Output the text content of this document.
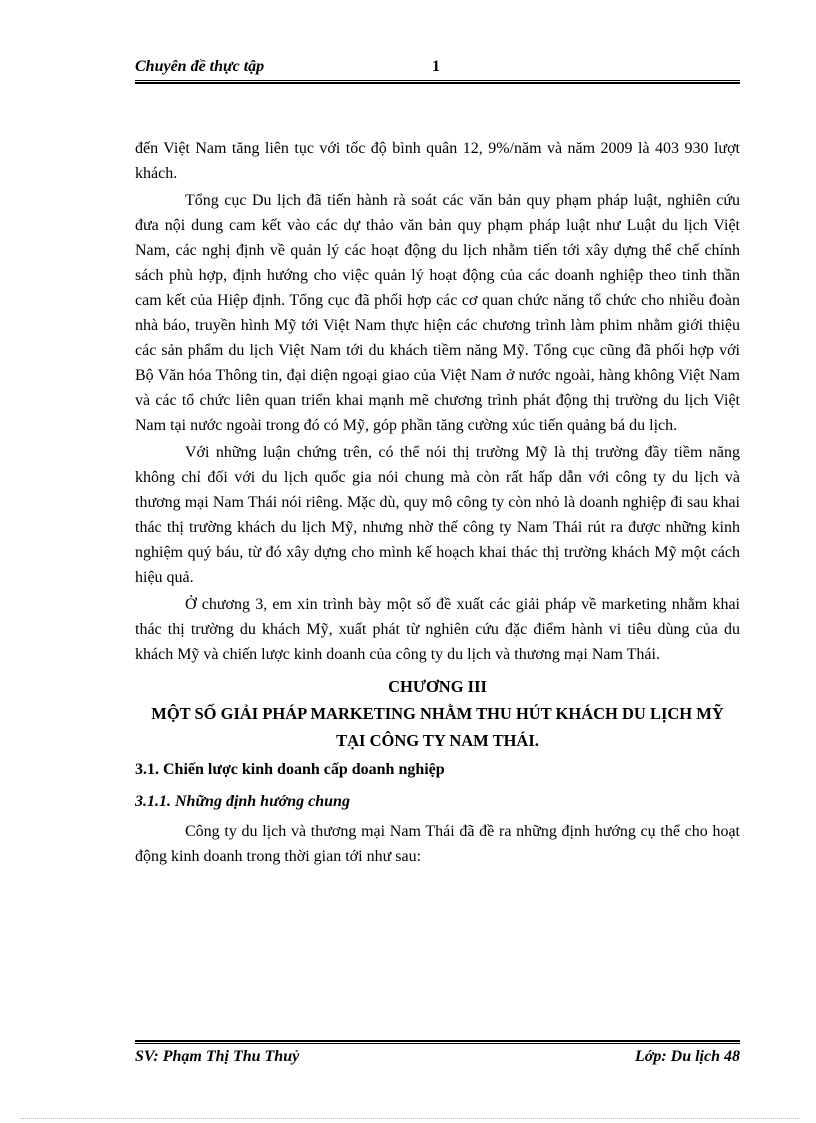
Chuyên đề thực tập	1

đến Việt Nam tăng liên tục với tốc độ bình quân 12, 9%/năm và năm 2009 là 403 930 lượt khách.

Tổng cục Du lịch đã tiến hành rà soát các văn bản quy phạm pháp luật, nghiên cứu đưa nội dung cam kết vào các dự thảo văn bản quy phạm pháp luật như Luật du lịch Việt Nam, các nghị định về quản lý các hoạt động du lịch nhằm tiến tới xây dựng thể chế chính sách phù hợp, định hướng cho việc quản lý hoạt động của các doanh nghiệp theo tinh thần cam kết của Hiệp định. Tổng cục đã phối hợp các cơ quan chức năng tổ chức cho nhiều đoàn nhà báo, truyền hình Mỹ tới Việt Nam thực hiện các chương trình làm phim nhằm giới thiệu các sản phẩm du lịch Việt Nam tới du khách tiềm năng Mỹ. Tổng cục cũng đã phối hợp với Bộ Văn hóa Thông tin, đại diện ngoại giao của Việt Nam ở nước ngoài, hàng không Việt Nam và các tổ chức liên quan triển khai mạnh mẽ chương trình phát động thị trường du lịch Việt Nam tại nước ngoài trong đó có Mỹ, góp phần tăng cường xúc tiến quảng bá du lịch.

Với những luận chứng trên, có thể nói thị trường Mỹ là thị trường đầy tiềm năng không chỉ đối với du lịch quốc gia nói chung mà còn rất hấp dẫn với công ty du lịch và thương mại Nam Thái nói riêng. Mặc dù, quy mô công ty còn nhỏ là doanh nghiệp đi sau khai thác thị trường khách du lịch Mỹ, nhưng nhờ thế công ty Nam Thái rút ra được những kinh nghiệm quý báu, từ đó xây dựng cho mình kế hoạch khai thác thị trường khách Mỹ một cách hiệu quả.

Ở chương 3, em xin trình bày một số đề xuất các giải pháp về marketing nhằm khai thác thị trường du khách Mỹ, xuất phát từ nghiên cứu đặc điểm hành vi tiêu dùng của du khách Mỹ và chiến lược kinh doanh của công ty du lịch và thương mại Nam Thái.

CHƯƠNG III
MỘT SỐ GIẢI PHÁP MARKETING NHẰM THU HÚT KHÁCH DU LỊCH MỸ TẠI CÔNG TY NAM THÁI.
3.1. Chiến lược kinh doanh cấp doanh nghiệp
3.1.1. Những định hướng chung

Công ty du lịch và thương mại Nam Thái đã đề ra những định hướng cụ thể cho hoạt động kinh doanh trong thời gian tới như sau:

SV: Phạm Thị Thu Thuỷ	Lớp: Du lịch 48
